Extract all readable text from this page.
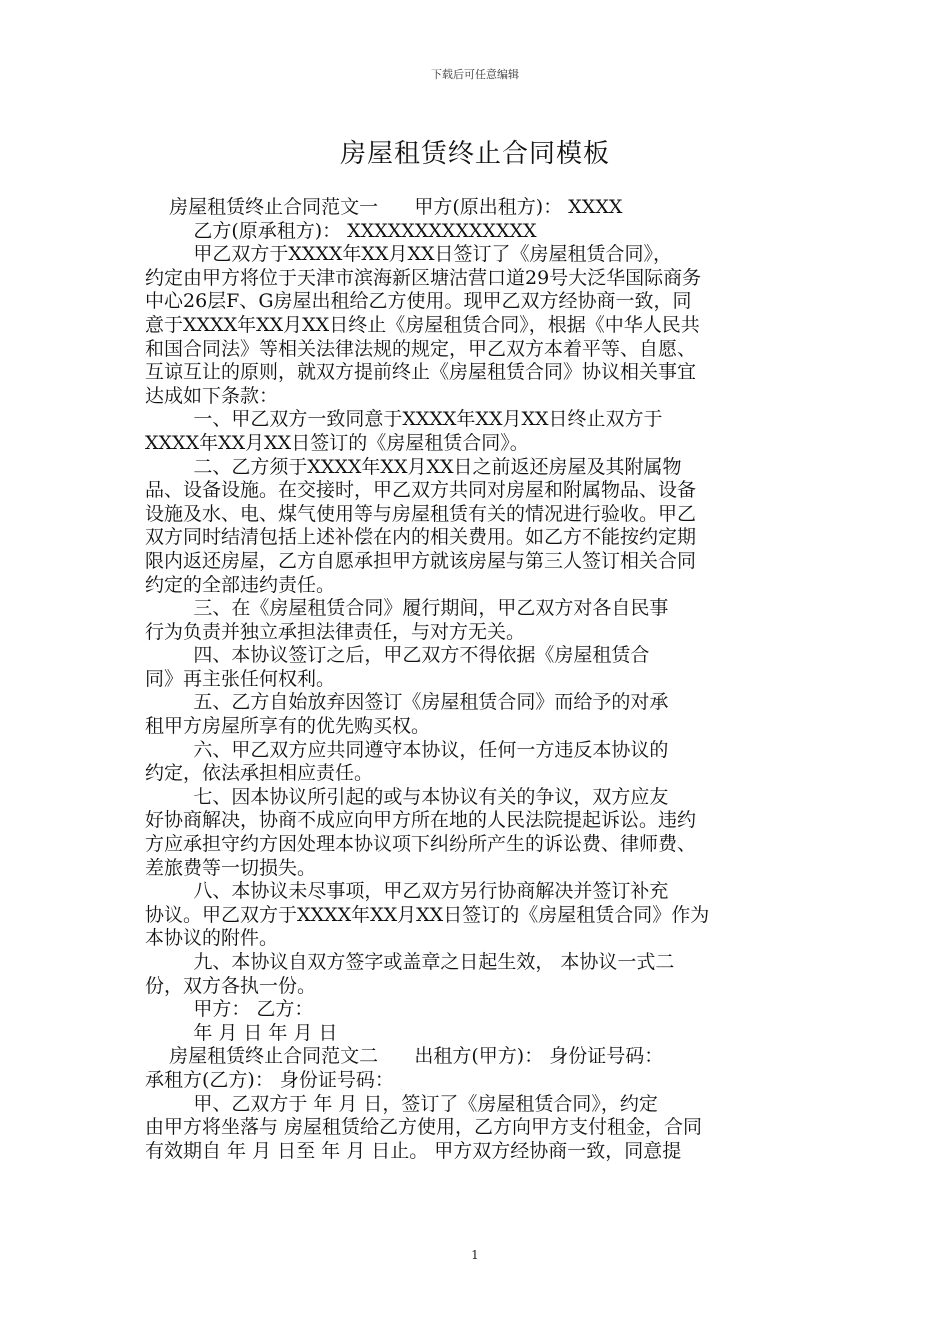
下载后可任意编辑
房屋租赁终止合同模板
房屋租赁终止合同范文一      甲方(原出租方)： XXXX
乙方(原承租方)： XXXXXXXXXXXXXX
甲乙双方于XXXX年XX月XX日签订了《房屋租赁合同》，
约定由甲方将位于天津市滨海新区塘沽营口道29号大泛华国际商务
中心26层F、G房屋出租给乙方使用。现甲乙双方经协商一致，同
意于XXXX年XX月XX日终止《房屋租赁合同》，根据《中华人民共
和国合同法》等相关法律法规的规定，甲乙双方本着平等、自愿、
互谅互让的原则，就双方提前终止《房屋租赁合同》协议相关事宜
达成如下条款：
一、甲乙双方一致同意于XXXX年XX月XX日终止双方于
XXXX年XX月XX日签订的《房屋租赁合同》。
二、乙方须于XXXX年XX月XX日之前返还房屋及其附属物
品、设备设施。在交接时，甲乙双方共同对房屋和附属物品、设备
设施及水、电、煤气使用等与房屋租赁有关的情况进行验收。甲乙
双方同时结清包括上述补偿在内的相关费用。如乙方不能按约定期
限内返还房屋，乙方自愿承担甲方就该房屋与第三人签订相关合同
约定的全部违约责任。
三、在《房屋租赁合同》履行期间，甲乙双方对各自民事
行为负责并独立承担法律责任，与对方无关。
四、本协议签订之后，甲乙双方不得依据《房屋租赁合
同》再主张任何权利。
五、乙方自始放弃因签订《房屋租赁合同》而给予的对承
租甲方房屋所享有的优先购买权。
六、甲乙双方应共同遵守本协议，任何一方违反本协议的
约定，依法承担相应责任。
七、因本协议所引起的或与本协议有关的争议，双方应友
好协商解决，协商不成应向甲方所在地的人民法院提起诉讼。违约
方应承担守约方因处理本协议项下纠纷所产生的诉讼费、律师费、
差旅费等一切损失。
八、本协议未尽事项，甲乙双方另行协商解决并签订补充
协议。甲乙双方于XXXX年XX月XX日签订的《房屋租赁合同》作为
本协议的附件。
九、本协议自双方签字或盖章之日起生效， 本协议一式二
份，双方各执一份。
甲方： 乙方：
年 月 日 年 月 日
房屋租赁终止合同范文二      出租方(甲方)： 身份证号码：
承租方(乙方)： 身份证号码：
甲、乙双方于 年 月 日，签订了《房屋租赁合同》，约定
由甲方将坐落与 房屋租赁给乙方使用，乙方向甲方支付租金，合同
有效期自 年 月 日至 年 月 日止。 甲方双方经协商一致，同意提
1
